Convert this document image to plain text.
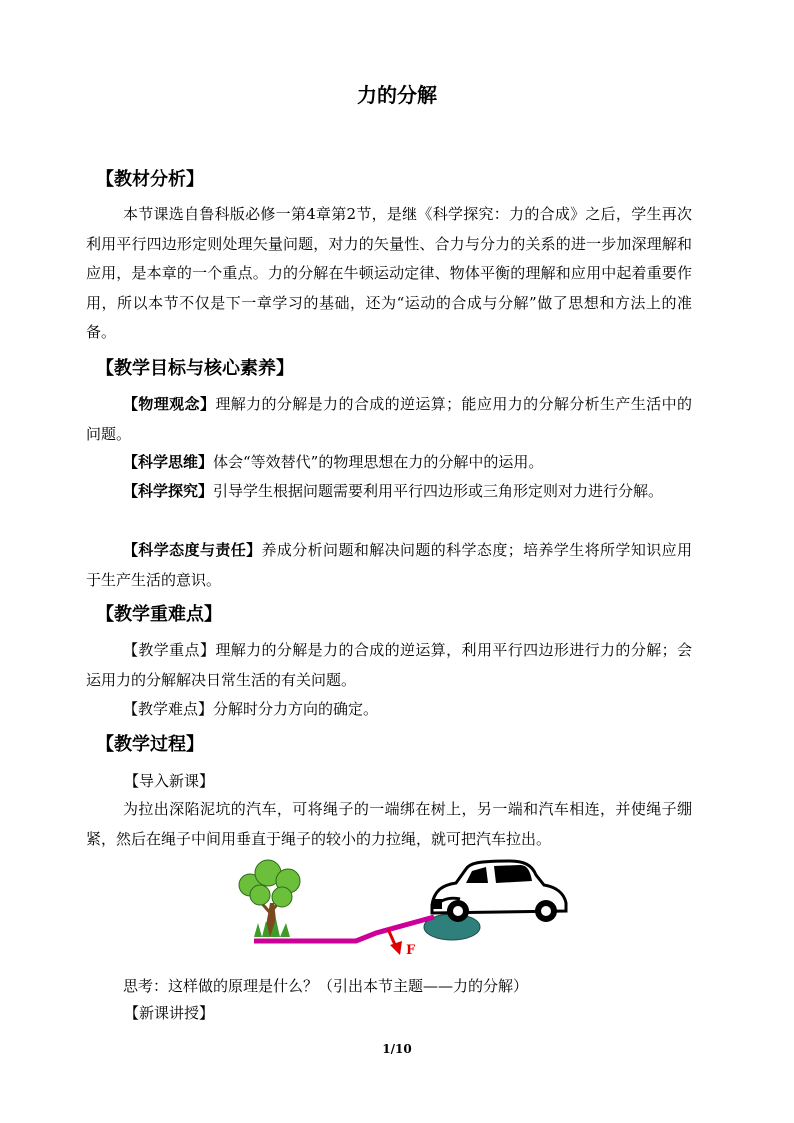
力的分解
【教材分析】
本节课选自鲁科版必修一第4章第2节，是继《科学探究：力的合成》之后，学生再次利用平行四边形定则处理矢量问题，对力的矢量性、合力与分力的关系的进一步加深理解和应用，是本章的一个重点。力的分解在牛顿运动定律、物体平衡的理解和应用中起着重要作用，所以本节不仅是下一章学习的基础，还为“运动的合成与分解”做了思想和方法上的准备。
【教学目标与核心素养】
【物理观念】理解力的分解是力的合成的逆运算；能应用力的分解分析生产生活中的问题。
【科学思维】体会“等效替代”的物理思想在力的分解中的运用。
【科学探究】引导学生根据问题需要利用平行四边形或三角形定则对力进行分解。
【科学态度与责任】养成分析问题和解决问题的科学态度；培养学生将所学知识应用于生产生活的意识。
【教学重难点】
【教学重点】理解力的分解是力的合成的逆运算，利用平行四边形进行力的分解；会运用力的分解解决日常生活的有关问题。
【教学难点】分解时分力方向的确定。
【教学过程】
【导入新课】
为拉出深陷泥坑的汽车，可将绳子的一端绑在树上，另一端和汽车相连，并使绳子绷紧，然后在绳子中间用垂直于绳子的较小的力拉绳，就可把汽车拉出。
F
思考：这样做的原理是什么？（引出本节主题——力的分解）
【新课讲授】
1/10
